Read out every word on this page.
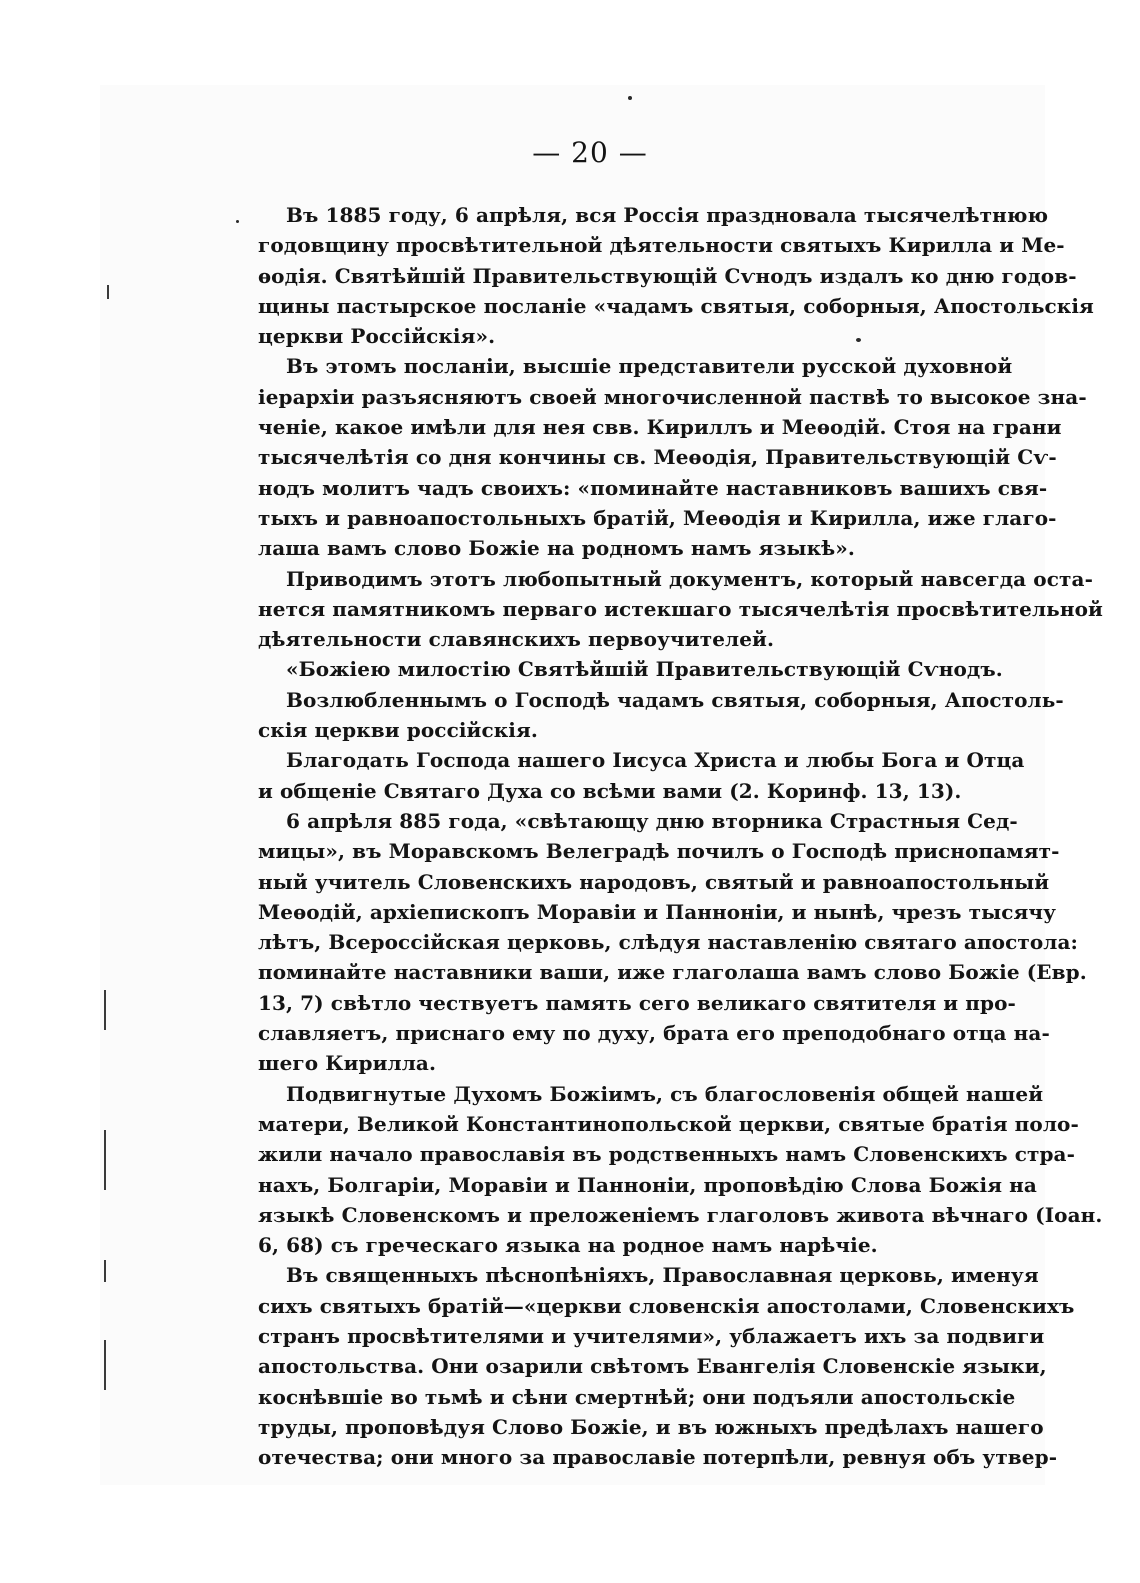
— 20 —
Въ 1885 году, 6 апрѣля, вся Россія праздновала тысячелѣтнюю
годовщину просвѣтительной дѣятельности святыхъ Кирилла и Ме-
ѳодія. Святѣйшій Правительствующій Сѵнодъ издалъ ко дню годов-
щины пастырское посланіе «чадамъ святыя, соборныя, Апостольскія
церкви Россійскія».
Въ этомъ посланіи, высшіе представители русской духовной
іерархіи разъясняютъ своей многочисленной паствѣ то высокое зна-
ченіе, какое имѣли для нея свв. Кириллъ и Меѳодій. Стоя на грани
тысячелѣтія со дня кончины св. Меѳодія, Правительствующій Сѵ-
нодъ молитъ чадъ своихъ: «поминайте наставниковъ вашихъ свя-
тыхъ и равноапостольныхъ братій, Меѳодія и Кирилла, иже глаго-
лаша вамъ слово Божіе на родномъ намъ языкѣ».
Приводимъ этотъ любопытный документъ, который навсегда оста-
нется памятникомъ перваго истекшаго тысячелѣтія просвѣтительной
дѣятельности славянскихъ первоучителей.
«Божіею милостію Святѣйшій Правительствующій Сѵнодъ.
Возлюбленнымъ о Господѣ чадамъ святыя, соборныя, Апостоль-
скія церкви россійскія.
Благодать Господа нашего Іисуса Христа и любы Бога и Отца
и общеніе Святаго Духа со всѣми вами (2. Коринф. 13, 13).
6 апрѣля 885 года, «свѣтающу дню вторника Страстныя Сед-
мицы», въ Моравскомъ Велеградѣ почилъ о Господѣ приснопамят-
ный учитель Словенскихъ народовъ, святый и равноапостольный
Меѳодій, архіепископъ Моравіи и Панноніи, и нынѣ, чрезъ тысячу
лѣтъ, Всероссійская церковь, слѣдуя наставленію святаго апостола:
поминайте наставники ваши, иже глаголаша вамъ слово Божіе (Евр.
13, 7) свѣтло чествуетъ память сего великаго святителя и про-
славляетъ, приснаго ему по духу, брата его преподобнаго отца на-
шего Кирилла.
Подвигнутые Духомъ Божіимъ, съ благословенія общей нашей
матери, Великой Константинопольской церкви, святые братія поло-
жили начало православія въ родственныхъ намъ Словенскихъ стра-
нахъ, Болгаріи, Моравіи и Панноніи, проповѣдію Слова Божія на
языкѣ Словенскомъ и преложеніемъ глаголовъ живота вѣчнаго (Іоан.
6, 68) съ греческаго языка на родное намъ нарѣчіе.
Въ священныхъ пѣснопѣніяхъ, Православная церковь, именуя
сихъ святыхъ братій—«церкви словенскія апостолами, Словенскихъ
странъ просвѣтителями и учителями», ублажаетъ ихъ за подвиги
апостольства. Они озарили свѣтомъ Евангелія Словенскіе языки,
коснѣвшіе во тьмѣ и сѣни смертнѣй; они подъяли апостольскіе
труды, проповѣдуя Слово Божіе, и въ южныхъ предѣлахъ нашего
отечества; они много за православіе потерпѣли, ревнуя объ утвер-
